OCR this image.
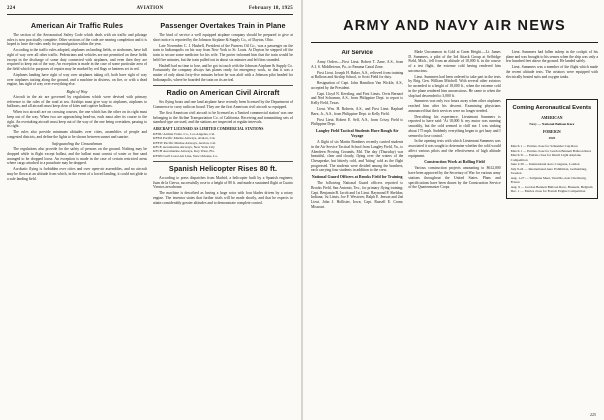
224	AVIATION	February 18, 1925
American Air Traffic Rules

The section of the Aeronautical Safety Code which deals with air traffic and pilotage rules is now practically complete. Other sections of the code are nearing completion and it is hoped to have the rules ready for promulgation within the year.

According to the traffic rules adopted, airplanes on landing fields, or airdromes, have full right of way over all other traffic. Pedestrians and vehicles are not permitted on these fields except in the discharge of some duty connected with airplanes, and even then they are required to keep out of the way. An exception is made in the case of some particular area of the field which for purposes of repairs may be marked by red flags or lanterns set in red.

Airplanes landing have right of way over airplanes taking off, both have right of way over airplanes taxiing along the ground, and a machine in distress, on fire, or with a dead engine, has right of way over everything else.

Right of Way

Aircraft in the air are governed by regulations which were devised with primary reference to the rules of the road at sea. Airships must give way to airplanes, airplanes to balloons, and all aircraft must keep clear of kites and captive balloons.

When two aircraft are on crossing courses, the one which has the other on its right must keep out of the way. When two are approaching head-on, each must alter its course to the right. An overtaking aircraft must keep out of the way of the one being overtaken, passing to its right.

The rules also provide minimum altitudes over cities, assemblies of people and congested districts, and define the lights to be shown between sunset and sunrise.

Safeguarding the Groundsman

The regulations also provide for the safety of persons on the ground. Nothing may be dropped while in flight except ballast, and the ballast must consist of water or fine sand arranged to be dropped loose. An exception is made in the case of certain restricted areas where cargo attached to a parachute may be dropped.

Acrobatic flying is forbidden over cities and over open-air assemblies, and no aircraft may be flown at an altitude from which, in the event of a forced landing, it could not glide to a safe landing field.

Passenger Overtakes Train in Plane

The kind of service a well equipped airplane company should be prepared to give at short notice is reported by the Johnson Airplane & Supply Co., of Dayton, Ohio.

Late November C. J. Hasbell, President of the Furness Oil Co., was a passenger on the train to Indianapolis on his way from New York to St. Louis. At Dayton he stepped off the train to secure some medicine for his wife. The porter informed him that the train would be held five minutes, but the train pulled out in about six minutes and left him stranded.

Hasbell had no time to lose, and he got in touch with the Johnson Airplane & Supply Co. Fortunately the company always has planes ready for emergency work, so that it was a matter of only about forty-five minutes before he was aloft with a Johnson pilot headed for Indianapolis, where he boarded the train on its arrival.

Radio on American Civil Aircraft

Six flying boats and one land airplane have recently been licensed by the Department of Commerce to carry radio on board. They are the first American civil aircraft so equipped.

The first American civil aircraft to be licensed as a 'limited commercial station' was one belonging to the Airline Transportation Co. of California. Receiving and transmitting sets of standard type are used, and the stations are inspected at regular intervals.

AIRCRAFT LICENSED AS LIMITED COMMERCIAL STATIONS

KFDU Airline Trans. Co., Los Angeles, Cal.

KFEO Pacific Marine Airways, Avalon, Cal.

KFEW Pacific Marine Airways, Avalon, Cal.

KFCE Aeromarine Airways, New York City

KFCH Aeromarine Airways, Key West, Fla.

KFDN Gulf Coast Air Line, New Orleans, La.

Spanish Helicopter Rises 80 ft.

According to press dispatches from Madrid, a helicopter built by a Spanish engineer, Juan de la Cierva, successfully rose to a height of 80 ft. and made a sustained flight at Cuatro Vientos aerodrome.

The machine is described as having a large rotor with four blades driven by a rotary engine. The inventor states that further trials will be made shortly, and that he expects to attain considerably greater altitudes and to demonstrate complete control.

ARMY AND NAVY AIR NEWS
Air Service

Army Orders.—First Lieut. Robert T. Zane, A.S., from A.I. S. Middletown, Pa., to Panama Canal Zone.

First Lieut. Joseph H. Baker, A.S., relieved from training at Balloon and Airship School, to Scott Field for duty.

Resignation of Capt. John Hamilton Van Wickle, A.S., accepted by the President.

Capt. Lloyd N. Keesling, and First Lieuts. Orvis Bernard and Ned Schramm, A.S., from Philippine Dept. to report to Kelly Field, Texas.

Lieut. Wm. H. Roberts, A.S., and First Lieut. Raphael Baez, Jr., A.S., from Philippine Dept. to Kelly Field.

First Lieut. Robert E. Self, A.S., from Crissy Field to Philippine Dept.

Langley Field Tactical Students Have Rough Air Voyage

A flight of six Martin Bombers recently carried students in the Air Service Tactical School from Langley Field, Va., to Aberdeen Proving Grounds, Md. The day (Thursday) was beautiful, clear and cloudy, flying over the waters of the Chesapeake, but bitterly cold, and 'biting' cold as the flight progressed. The students were divided among the bombers, each carrying four students in addition to the crew.

National Guard Officers at Brooks Field for Training

The following National Guard officers reported to Brooks Field, San Antonio, Tex., for primary flying training: Capt. Benjamin B. Jacob and 1st Lieut. Raymond P. Sheldon, Indiana; 1st Lieuts. Joe F. Westover, Ralph E. Jenson and 2nd Lieut. John J. Hollister, Iowa; Capt. Russell E. Crane, Missouri.

Made Uncommon in Cold at Great Height.—Lt. James D. Summers, a pilot of the 3rd Attack Group at Selfridge Field, Mich., fell from an altitude of 18,000 ft. in the course of a test flight, the extreme cold having rendered him unconscious.

Lieut. Summers had been ordered to take part in the tests by Brig. Gen. William Mitchell. With several other aviators he ascended to a height of 18,000 ft., when the extreme cold in the plane rendered him unconscious. He came to when the ship had descended to 3,000 ft.

Summers was only two hours away when other airplanes reached him after his descent. Examining physicians announced that their services were no longer needed.

Describing his experience, Lieutenant Summers is reported to have said: 'At 18,000 ft. my motor was running smoothly, but the cold seemed to chill me. I was sinking about 175 mph. Suddenly everything began to get hazy and I seemed to lose control.'

In the opening tests with which Lieutenant Summers was associated it was sought to determine whether the cold would affect various pilots and the effectiveness of high altitude equipment.

Construction Work at Rolling Field

Various construction projects amounting to $612,000 have been approved by the Secretary of War for various army stations throughout the United States. Plans and specifications have been drawn by the Construction Service of the Quartermaster Corps.

Lieut. Summers had fallen asleep in the cockpit of his plane and was brought to his senses when the ship was only a few hundred feet above the ground. He landed safely.

Lieut. Summers was a member of the flight which made the recent altitude tests. The aviators were equipped with electrically heated suits and oxygen tanks.

Coming Aeronautical Events
AMERICAN
Navy — National Balloon Race
FOREIGN
1925

March 1 — Entries close for Schneider Cup Race

March 1 — Entries close for Gordon Bennett Balloon Race

March 31 — Entries close for Dutch Light Airplane Competition

June 2-30 — International Aero Congress, London

July 9-24 — International Aero Exhibition, Gothenburg, Sweden

Aug. 1-27 — Saltplane Meet, Vauville, near Cherbourg, France

Aug. 9 — Gordon Bennett Balloon Race, Brussels, Belgium

Dec. 1 — Entries close for French Engine Competition

225
